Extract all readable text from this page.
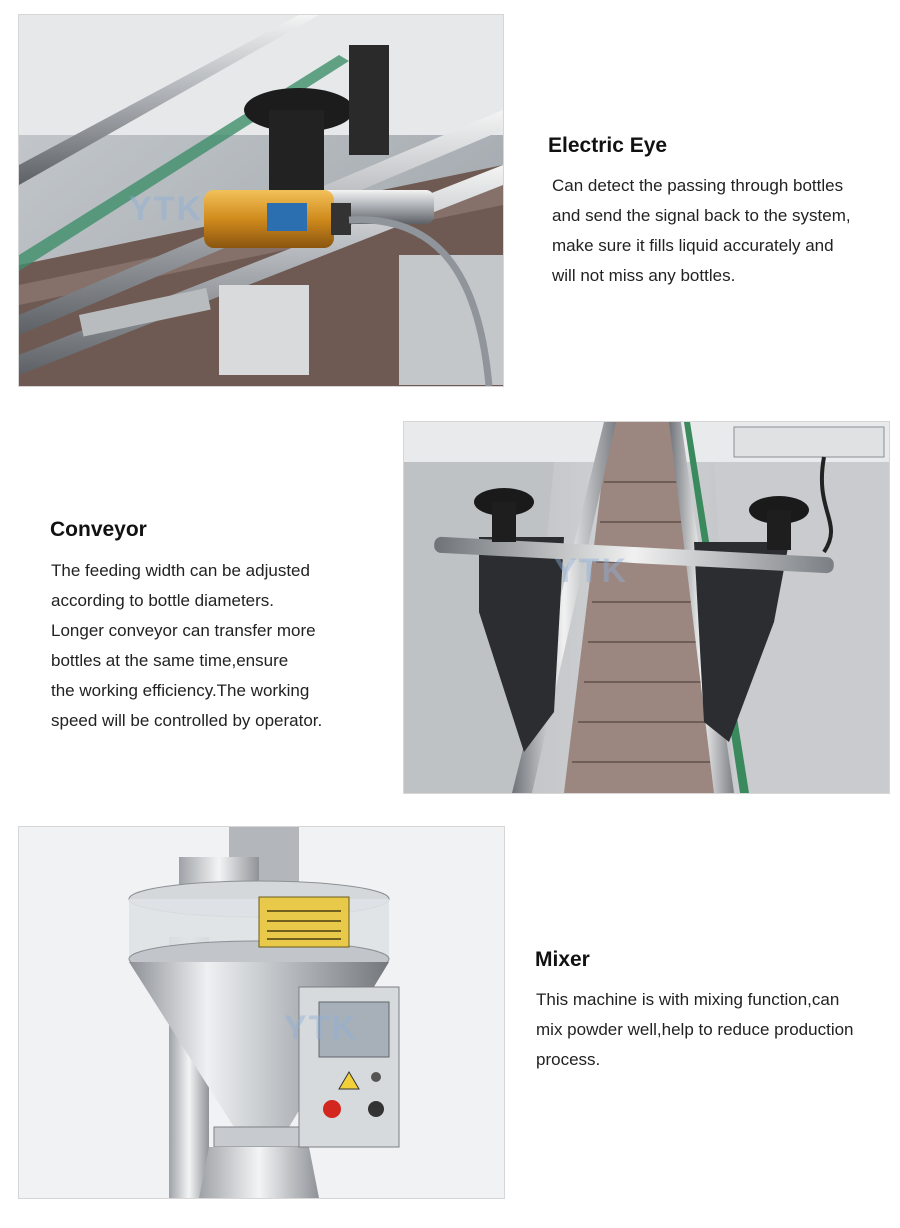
YTK
Electric Eye

Can detect the passing through bottles
and send the signal back to the system,
make sure it fills liquid accurately and
will not miss any bottles.

Conveyor

The feeding width can be adjusted
according to bottle diameters.
Longer conveyor can transfer more
bottles at the same time,ensure
the working efficiency.The working
speed will be controlled by operator.

YTK
YTK
Mixer

This machine is with mixing function,can
mix powder well,help to reduce production
process.
